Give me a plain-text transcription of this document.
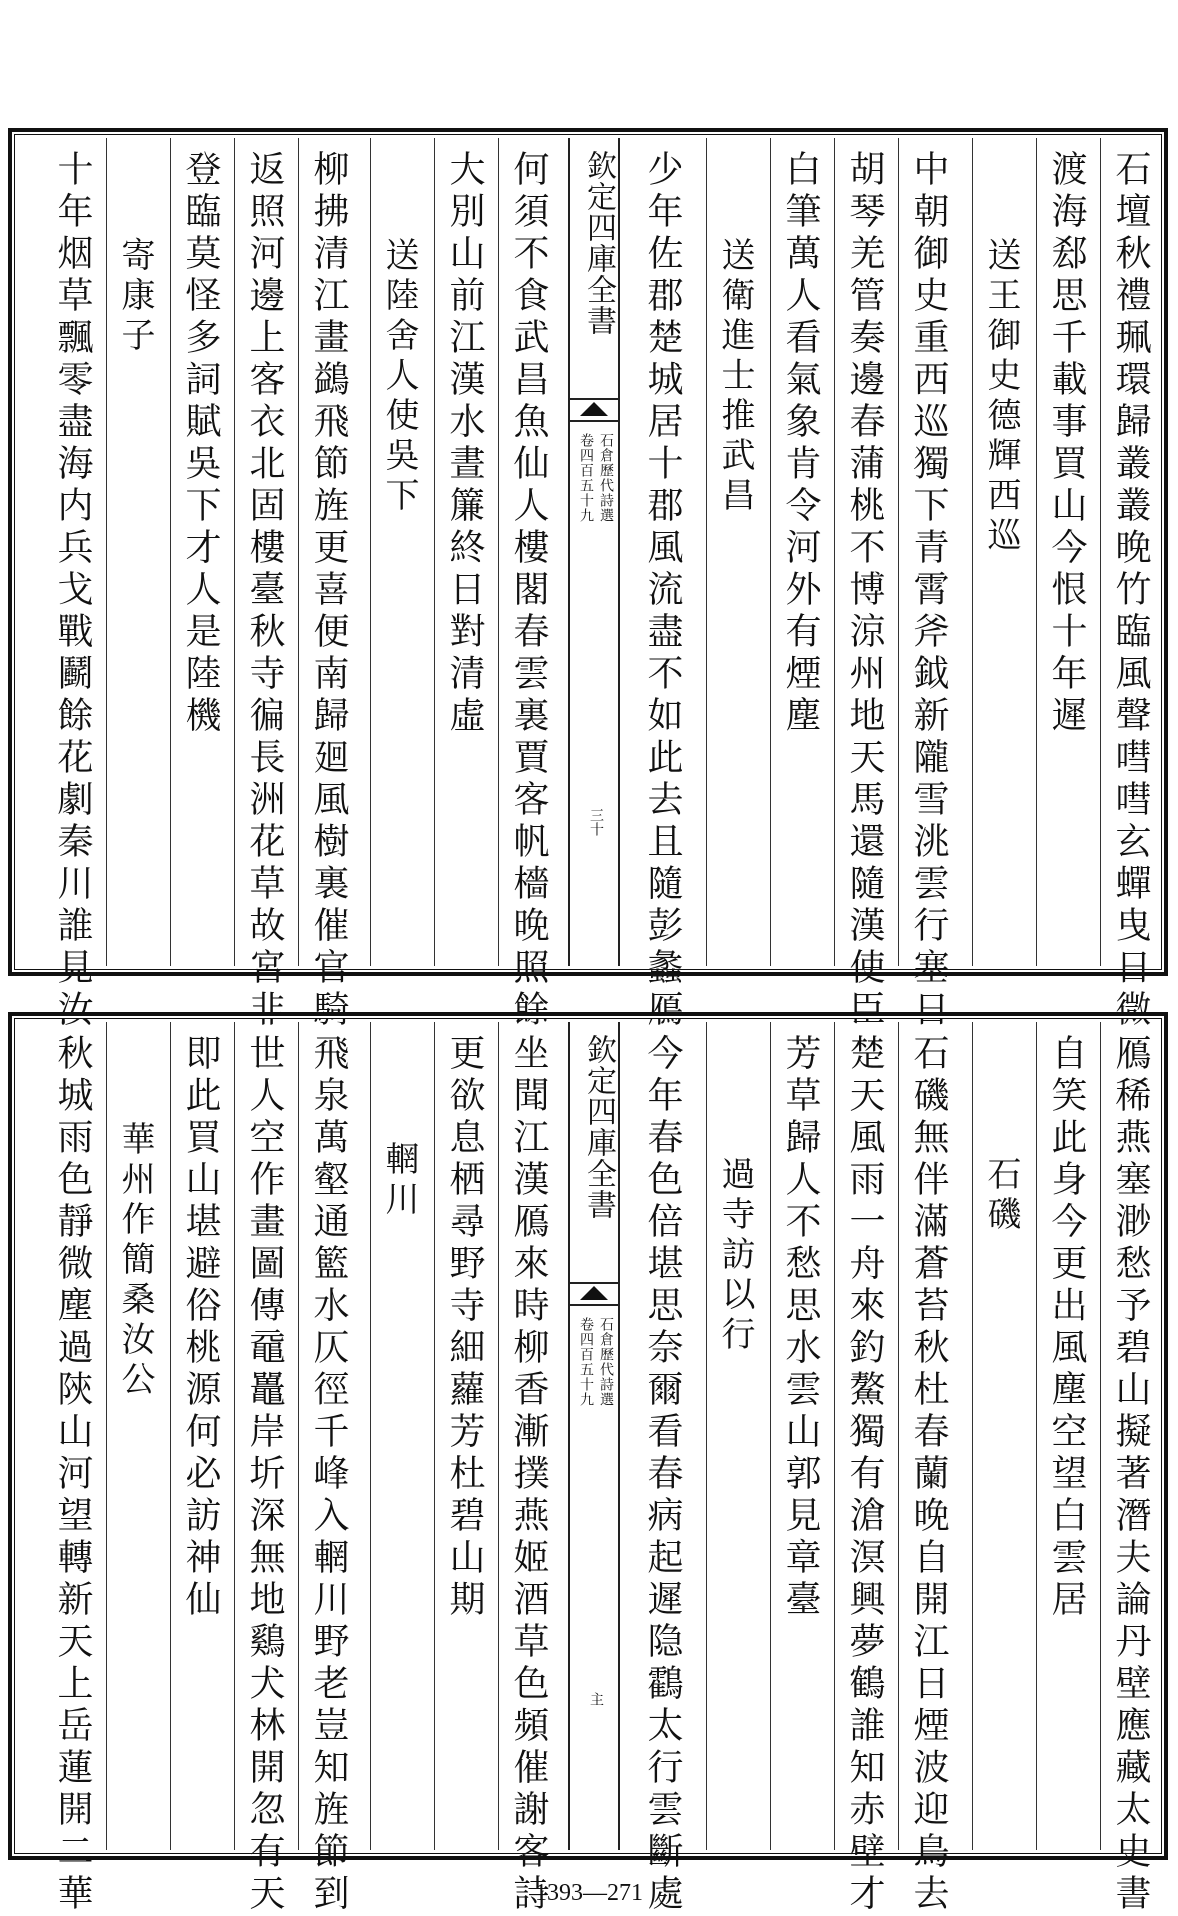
石壇秋禮珮環歸叢叢晚竹臨風聲嘒嘒玄蟬曳日微
渡海郄思千載事買山今恨十年遲
送王御史德輝西巡
中朝御史重西巡獨下青霄斧鉞新隴雪洮雲行塞日
胡琴羌管奏邊春蒲桃不博涼州地天馬還隨漢使臣
白筆萬人看氣象肯令河外有煙塵
送衛進士推武昌
少年佐郡楚城居十郡風流盡不如此去且隨彭蠡鴈
欽定四庫全書
石倉歷代詩選
卷四百五十九
三十
何須不食武昌魚仙人樓閣春雲裏賈客帆檣晚照餘
大別山前江漢水晝簾終日對清虛
送陸舍人使吳下
柳拂清江畫鷁飛節旌更喜便南歸廻風樹裏催官騎
返照河邊上客衣北固樓臺秋寺徧長洲花草故宮非
登臨莫怪多詞賦吳下才人是陸機
寄康子
十年烟草飄零盡海内兵戈戰鬬餘花劇秦川誰見汝
鴈稀燕塞渺愁予碧山擬著潛夫論丹壁應藏太史書
自笑此身今更出風塵空望白雲居
石磯
石磯無伴滿蒼苔秋杜春蘭晚自開江日煙波迎鳥去
楚天風雨一舟來釣鰲獨有滄溟興夢鶴誰知赤壁才
芳草歸人不愁思水雲山郭見章臺
過寺訪以行
今年春色倍堪思奈爾看春病起遲隐鸖太行雲斷處
欽定四庫全書
石倉歷代詩選
卷四百五十九
主
坐聞江漢鴈來時柳香漸撲燕姬酒草色頻催謝客詩
更欲息栖尋野寺細蘿芳杜碧山期
輞川
飛泉萬壑通籃水仄徑千峰入輞川野老豈知旌節到
世人空作畫圖傳黿鼉岸圻深無地鷄犬林開忽有天
即此買山堪避俗桃源何必訪神仙
華州作簡桑汝公
秋城雨色靜微塵過陝山河望轉新天上岳蓮開二華	1393—271
